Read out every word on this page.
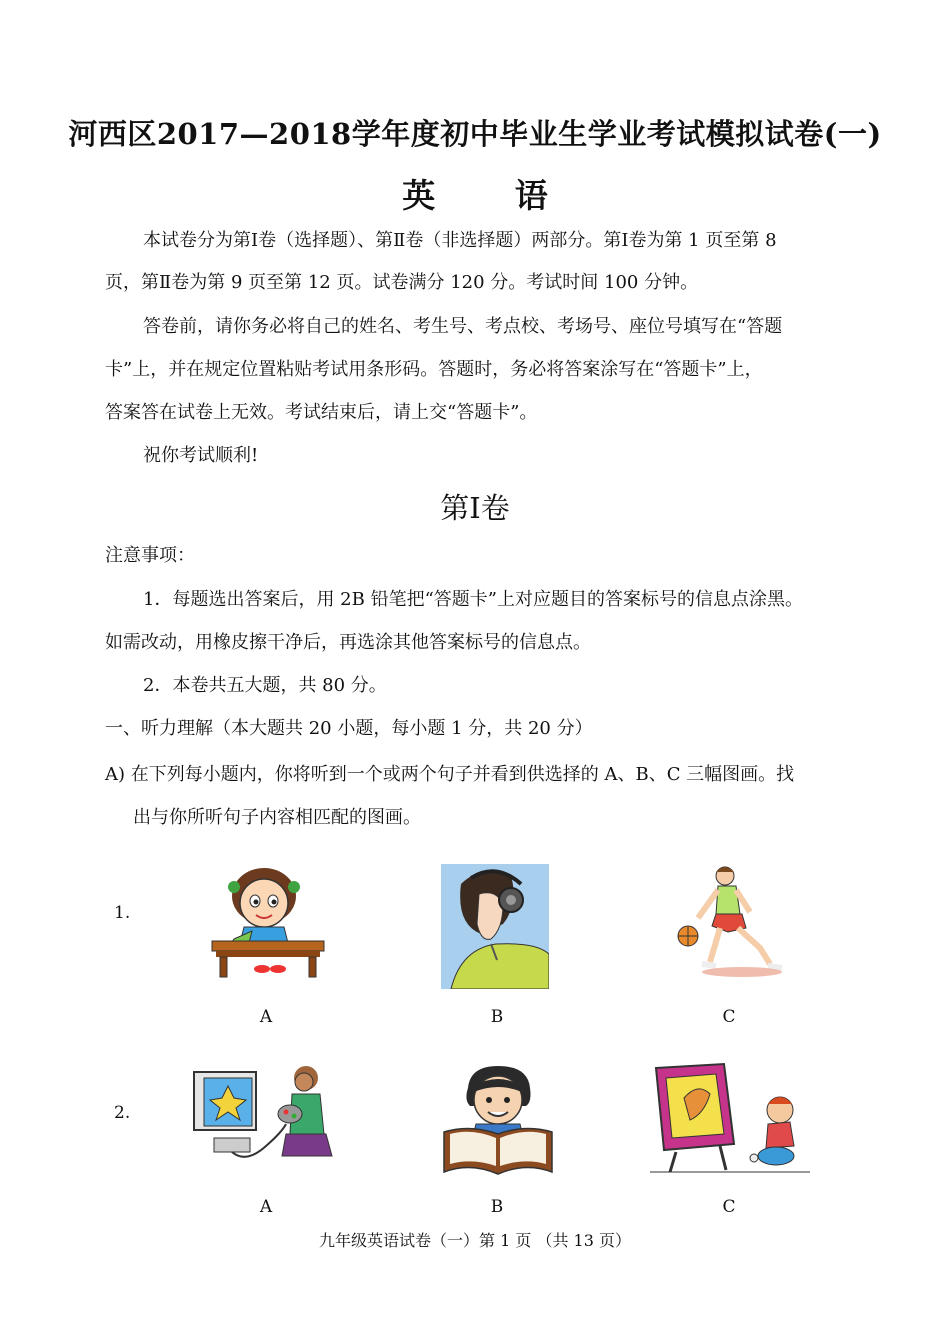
河西区2017—2018学年度初中毕业生学业考试模拟试卷(一)
英 语
本试卷分为第Ⅰ卷（选择题）、第Ⅱ卷（非选择题）两部分。第Ⅰ卷为第 1 页至第 8
页，第Ⅱ卷为第 9 页至第 12 页。试卷满分 120 分。考试时间 100 分钟。
答卷前，请你务必将自己的姓名、考生号、考点校、考场号、座位号填写在“答题
卡”上，并在规定位置粘贴考试用条形码。答题时，务必将答案涂写在“答题卡”上，
答案答在试卷上无效。考试结束后，请上交“答题卡”。
祝你考试顺利!
第Ⅰ卷
注意事项：
1．每题选出答案后，用 2B 铅笔把“答题卡”上对应题目的答案标号的信息点涂黑。
如需改动，用橡皮擦干净后，再选涂其他答案标号的信息点。
2．本卷共五大题，共 80 分。
一、听力理解（本大题共 20 小题，每小题 1 分，共 20 分）
A) 在下列每小题内，你将听到一个或两个句子并看到供选择的 A、B、C 三幅图画。找
出与你所听句子内容相匹配的图画。
1.
A	B	C
2.
A	B	C
九年级英语试卷（一）第 1 页 （共 13 页）
